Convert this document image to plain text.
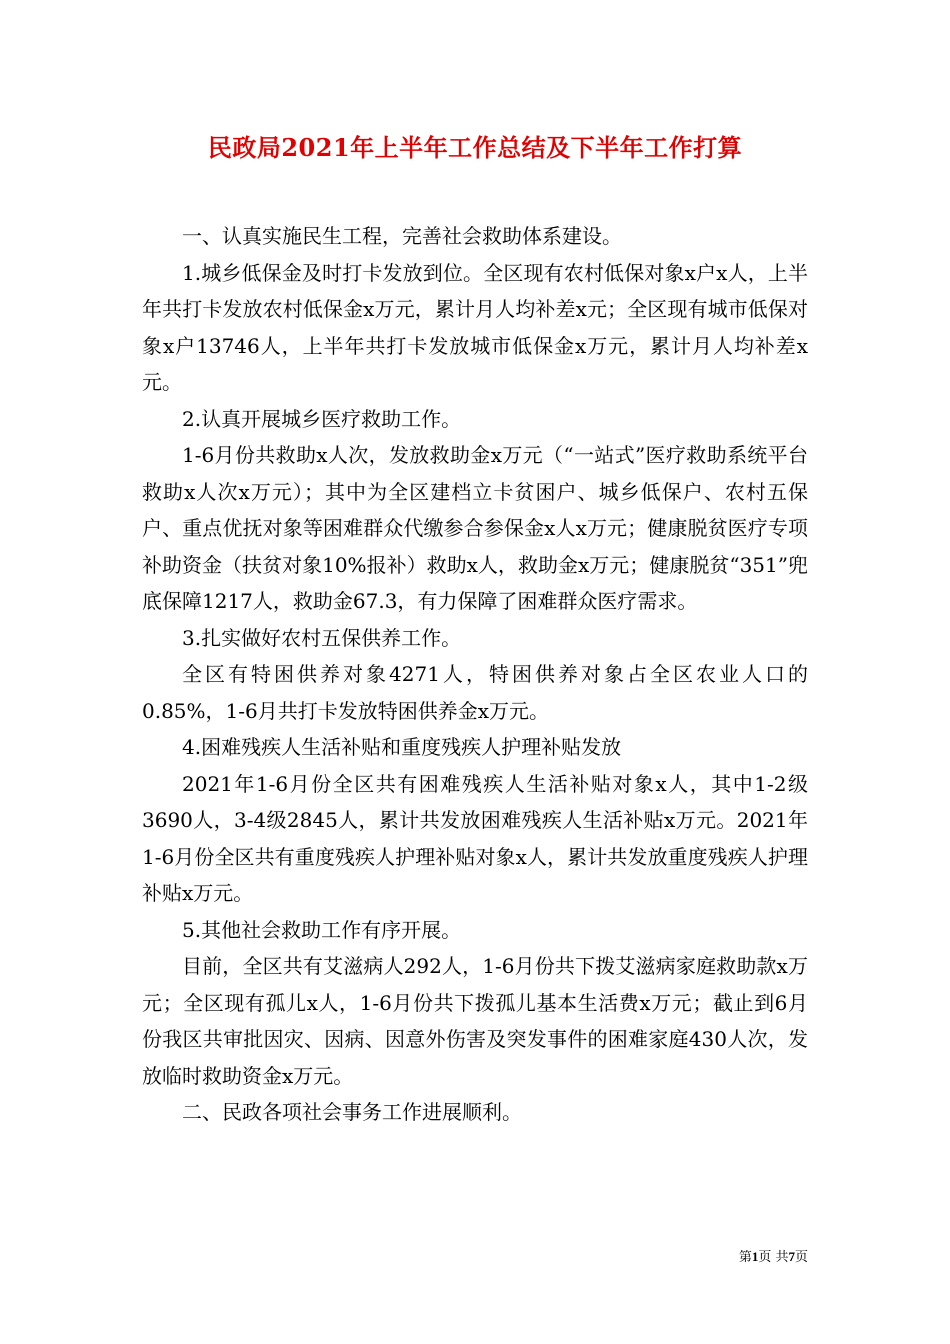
民政局2021年上半年工作总结及下半年工作打算

一、认真实施民生工程，完善社会救助体系建设。

1.城乡低保金及时打卡发放到位。全区现有农村低保对象x户x人，上半年共打卡发放农村低保金x万元，累计月人均补差x元；全区现有城市低保对象x户13746人，上半年共打卡发放城市低保金x万元，累计月人均补差x元。

2.认真开展城乡医疗救助工作。

1-6月份共救助x人次，发放救助金x万元（“一站式”医疗救助系统平台救助x人次x万元）；其中为全区建档立卡贫困户、城乡低保户、农村五保户、重点优抚对象等困难群众代缴参合参保金x人x万元；健康脱贫医疗专项补助资金（扶贫对象10%报补）救助x人，救助金x万元；健康脱贫“351”兜底保障1217人，救助金67.3，有力保障了困难群众医疗需求。

3.扎实做好农村五保供养工作。

全区有特困供养对象4271人，特困供养对象占全区农业人口的0.85%，1-6月共打卡发放特困供养金x万元。

4.困难残疾人生活补贴和重度残疾人护理补贴发放

2021年1-6月份全区共有困难残疾人生活补贴对象x人，其中1-2级3690人，3-4级2845人，累计共发放困难残疾人生活补贴x万元。2021年1-6月份全区共有重度残疾人护理补贴对象x人，累计共发放重度残疾人护理补贴x万元。

5.其他社会救助工作有序开展。

目前，全区共有艾滋病人292人，1-6月份共下拨艾滋病家庭救助款x万元；全区现有孤儿x人，1-6月份共下拨孤儿基本生活费x万元；截止到6月份我区共审批因灾、因病、因意外伤害及突发事件的困难家庭430人次，发放临时救助资金x万元。

二、民政各项社会事务工作进展顺利。

第1页 共7页
